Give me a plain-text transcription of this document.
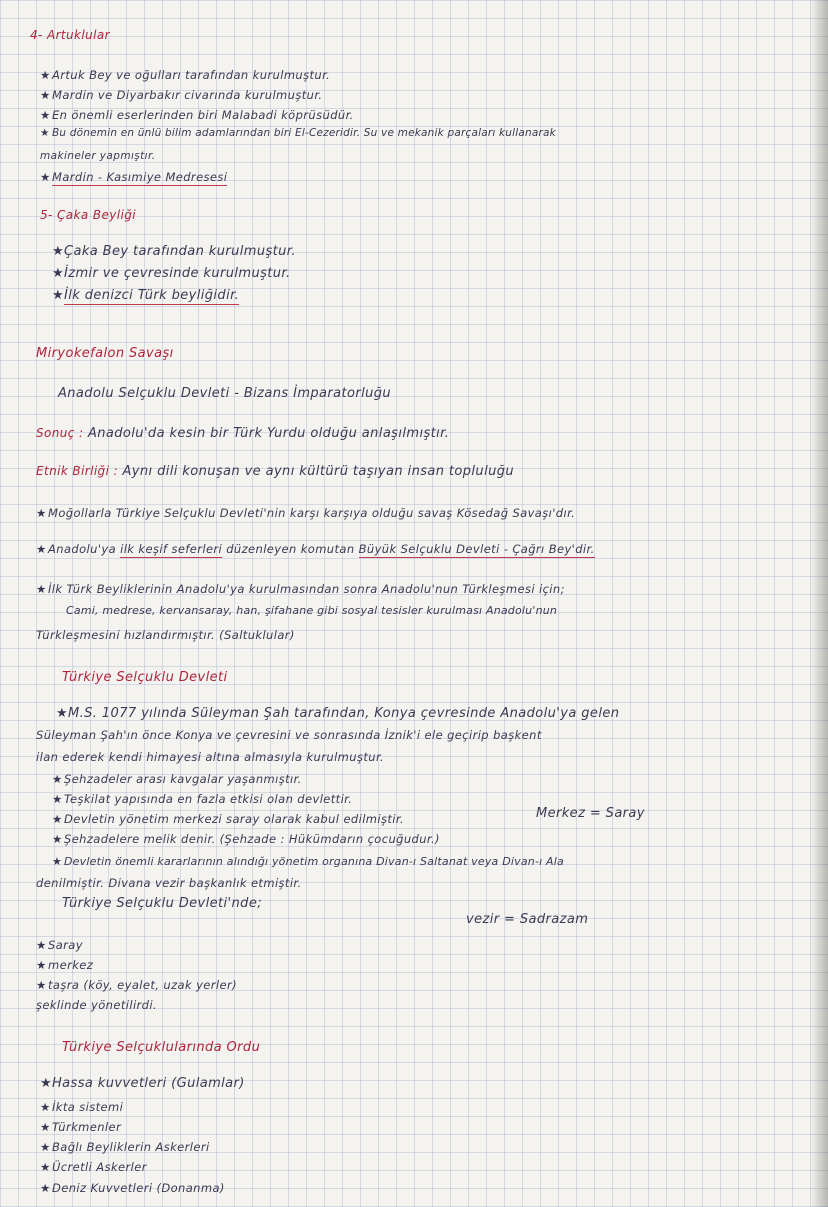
4- Artuklular
★Artuk Bey ve oğulları tarafından kurulmuştur.
★Mardin ve Diyarbakır civarında kurulmuştur.
★En önemli eserlerinden biri Malabadi köprüsüdür.
★ Bu dönemin en ünlü bilim adamlarından biri El-Cezeridir. Su ve mekanik parçaları kullanarak
makineler yapmıştır.
★Mardin - Kasımiye Medresesi
5- Çaka Beyliği
★Çaka Bey tarafından kurulmuştur.
★İzmir ve çevresinde kurulmuştur.
★İlk denizci Türk beyliğidir.
Miryokefalon Savaşı
Anadolu Selçuklu Devleti - Bizans İmparatorluğu
Sonuç : Anadolu'da kesin bir Türk Yurdu olduğu anlaşılmıştır.
Etnik Birliği : Aynı dili konuşan ve aynı kültürü taşıyan insan topluluğu
★Moğollarla Türkiye Selçuklu Devleti'nin karşı karşıya olduğu savaş Kösedağ Savaşı'dır.
★Anadolu'ya ilk keşif seferleri düzenleyen komutan Büyük Selçuklu Devleti - Çağrı Bey'dir.
★İlk Türk Beyliklerinin Anadolu'ya kurulmasından sonra Anadolu'nun Türkleşmesi için;
Cami, medrese, kervansaray, han, şifahane gibi sosyal tesisler kurulması Anadolu'nun
Türkleşmesini hızlandırmıştır. (Saltuklular)
Türkiye Selçuklu Devleti
★M.S. 1077 yılında Süleyman Şah tarafından, Konya çevresinde Anadolu'ya gelen
Süleyman Şah'ın önce Konya ve çevresini ve sonrasında İznik'i ele geçirip başkent
ilan ederek kendi himayesi altına almasıyla kurulmuştur.
★Şehzadeler arası kavgalar yaşanmıştır.
★Teşkilat yapısında en fazla etkisi olan devlettir.
★Devletin yönetim merkezi saray olarak kabul edilmiştir.	Merkez = Saray
★Şehzadelere melik denir. (Şehzade : Hükümdarın çocuğudur.)
★ Devletin önemli kararlarının alındığı yönetim organına Divan-ı Saltanat veya Divan-ı Ala
denilmiştir. Divana vezir başkanlık etmiştir.
Türkiye Selçuklu Devleti'nde;
vezir = Sadrazam
★Saray
★merkez
★taşra (köy, eyalet, uzak yerler)
şeklinde yönetilirdi.
Türkiye Selçuklularında Ordu
★Hassa kuvvetleri (Gulamlar)
★İkta sistemi
★Türkmenler
★Bağlı Beyliklerin Askerleri
★Ücretli Askerler
★Deniz Kuvvetleri (Donanma)
